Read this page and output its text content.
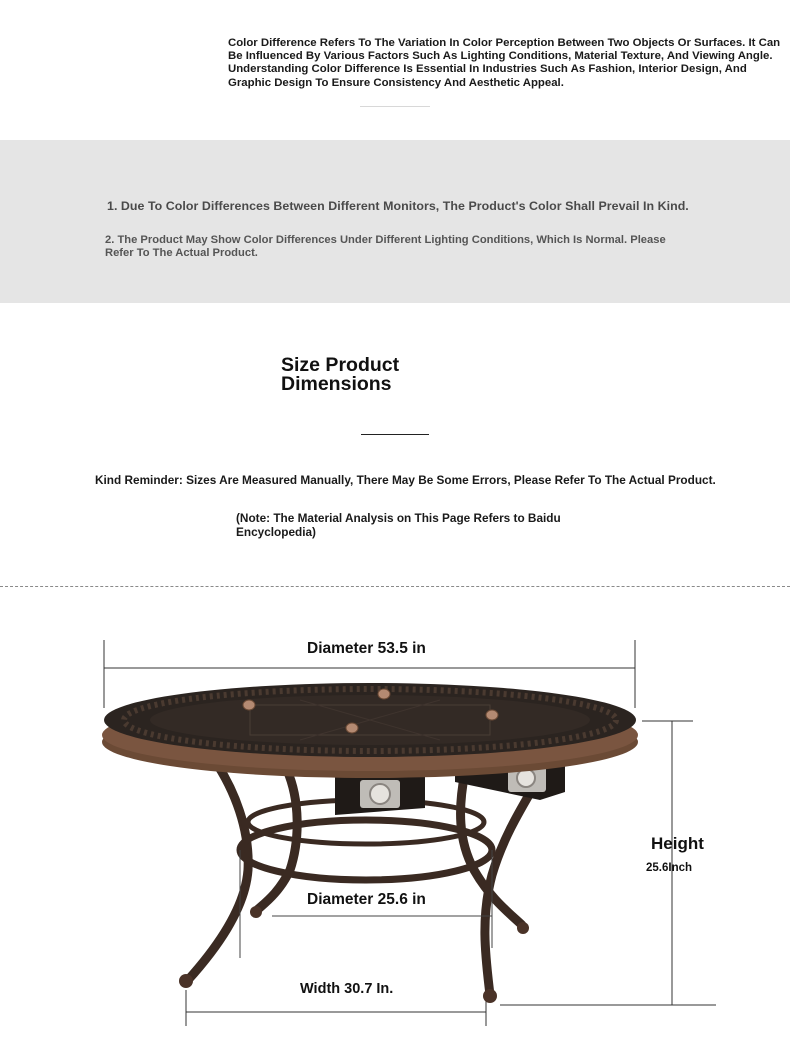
Color Difference Refers To The Variation In Color Perception Between Two Objects Or Surfaces. It Can Be Influenced By Various Factors Such As Lighting Conditions, Material Texture, And Viewing Angle. Understanding Color Difference Is Essential In Industries Such As Fashion, Interior Design, And Graphic Design To Ensure Consistency And Aesthetic Appeal.
1. Due To Color Differences Between Different Monitors, The Product's Color Shall Prevail In Kind.
2. The Product May Show Color Differences Under Different Lighting Conditions, Which Is Normal. Please Refer To The Actual Product.
Size Product
Dimensions
Kind Reminder: Sizes Are Measured Manually, There May Be Some Errors, Please Refer To The Actual Product.
(Note: The Material Analysis on This Page Refers to Baidu Encyclopedia)
Diameter 53.5 in
Diameter 25.6 in
Width 30.7 In.
Height
25.6Inch
